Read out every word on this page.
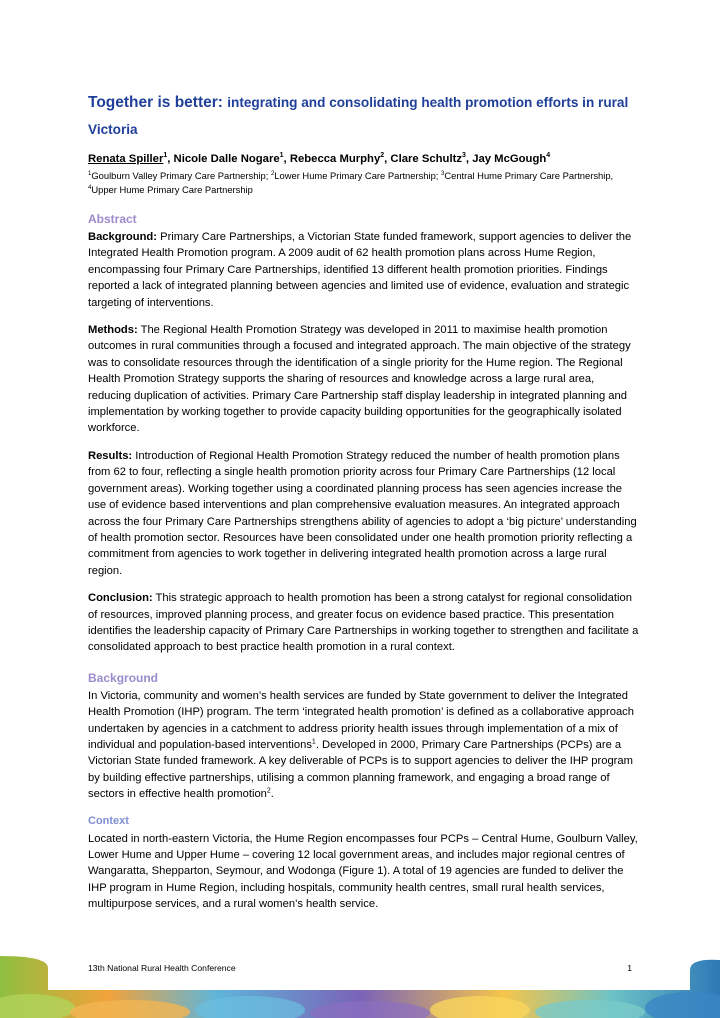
Together is better: integrating and consolidating health promotion efforts in rural Victoria
Renata Spiller$^1$, Nicole Dalle Nogare$^1$, Rebecca Murphy$^2$, Clare Schultz$^3$, Jay McGough$^4$
$^1$Goulburn Valley Primary Care Partnership; $^2$Lower Hume Primary Care Partnership; $^3$Central Hume Primary Care Partnership, $^4$Upper Hume Primary Care Partnership
Abstract

Background: Primary Care Partnerships, a Victorian State funded framework, support agencies to deliver the Integrated Health Promotion program. A 2009 audit of 62 health promotion plans across Hume Region, encompassing four Primary Care Partnerships, identified 13 different health promotion priorities. Findings reported a lack of integrated planning between agencies and limited use of evidence, evaluation and strategic targeting of interventions.

Methods: The Regional Health Promotion Strategy was developed in 2011 to maximise health promotion outcomes in rural communities through a focused and integrated approach. The main objective of the strategy was to consolidate resources through the identification of a single priority for the Hume region. The Regional Health Promotion Strategy supports the sharing of resources and knowledge across a large rural area, reducing duplication of activities. Primary Care Partnership staff display leadership in integrated planning and implementation by working together to provide capacity building opportunities for the geographically isolated workforce.

Results: Introduction of Regional Health Promotion Strategy reduced the number of health promotion plans from 62 to four, reflecting a single health promotion priority across four Primary Care Partnerships (12 local government areas). Working together using a coordinated planning process has seen agencies increase the use of evidence based interventions and plan comprehensive evaluation measures. An integrated approach across the four Primary Care Partnerships strengthens ability of agencies to adopt a ‘big picture’ understanding of health promotion sector. Resources have been consolidated under one health promotion priority reflecting a commitment from agencies to work together in delivering integrated health promotion across a large rural region.

Conclusion: This strategic approach to health promotion has been a strong catalyst for regional consolidation of resources, improved planning process, and greater focus on evidence based practice. This presentation identifies the leadership capacity of Primary Care Partnerships in working together to strengthen and facilitate a consolidated approach to best practice health promotion in a rural context.

Background

In Victoria, community and women’s health services are funded by State government to deliver the Integrated Health Promotion (IHP) program. The term ‘integrated health promotion’ is defined as a collaborative approach undertaken by agencies in a catchment to address priority health issues through implementation of a mix of individual and population-based interventions$^1$. Developed in 2000, Primary Care Partnerships (PCPs) are a Victorian State funded framework. A key deliverable of PCPs is to support agencies to deliver the IHP program by building effective partnerships, utilising a common planning framework, and engaging a broad range of sectors in effective health promotion$^2$.

Context

Located in north-eastern Victoria, the Hume Region encompasses four PCPs – Central Hume, Goulburn Valley, Lower Hume and Upper Hume – covering 12 local government areas, and includes major regional centres of Wangaratta, Shepparton, Seymour, and Wodonga (Figure 1). A total of 19 agencies are funded to deliver the IHP program in Hume Region, including hospitals, community health centres, small rural health services, multipurpose services, and a rural women’s health service.

13th National Rural Health Conference	1
